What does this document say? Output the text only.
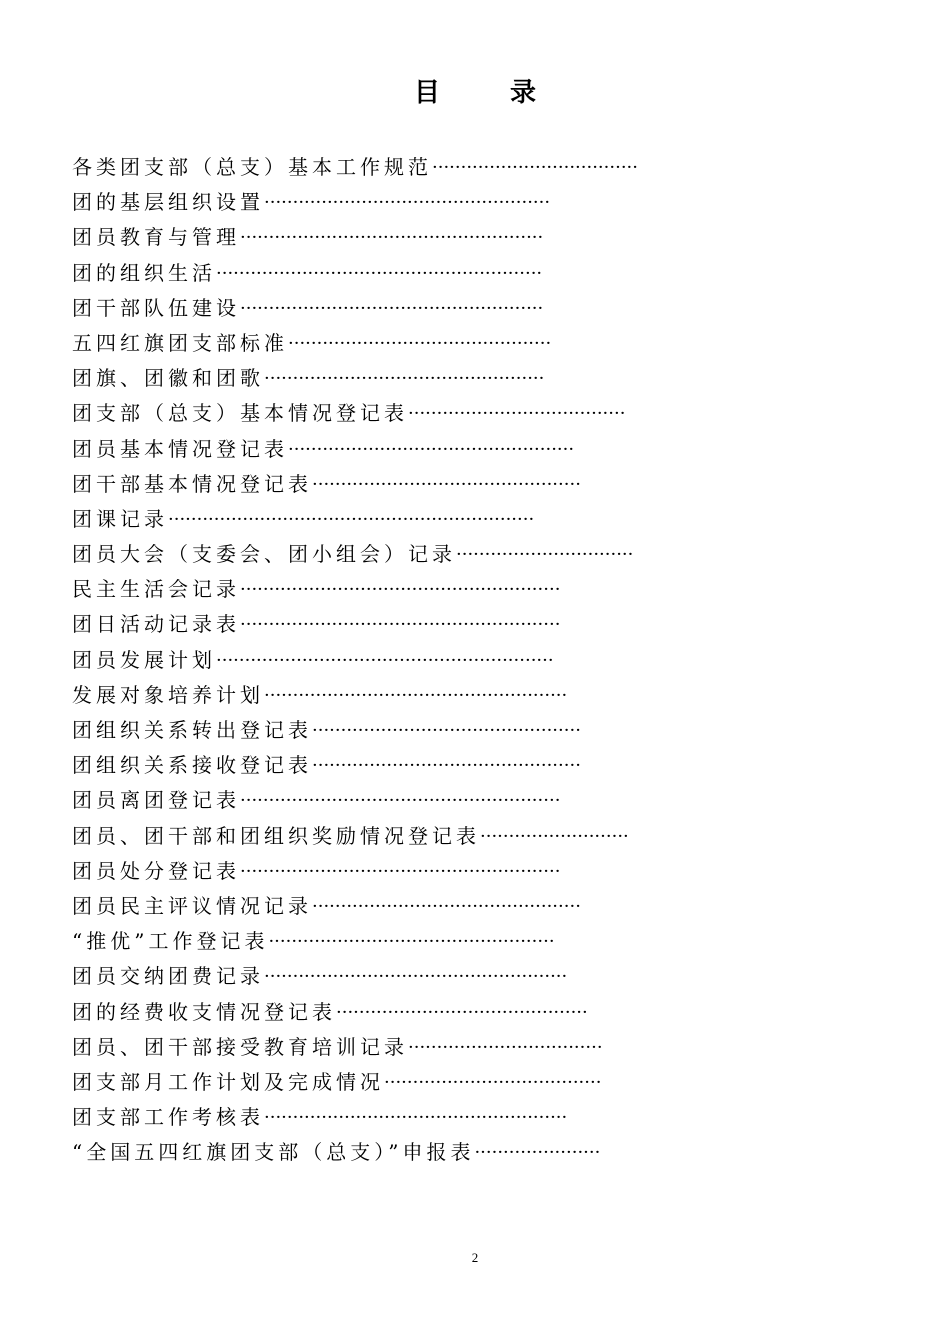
目　录
各类团支部（总支）基本工作规范 ····································
团的基层组织设置 ··················································
团员教育与管理 ·····················································
团的组织生活 ·························································
团干部队伍建设 ·····················································
五四红旗团支部标准 ··············································
团旗、团徽和团歌 ·················································
团支部（总支）基本情况登记表 ······································
团员基本情况登记表 ··················································
团干部基本情况登记表 ···············································
团课记录 ································································
团员大会（支委会、团小组会）记录 ·······························
民主生活会记录 ························································
团日活动记录表 ························································
团员发展计划 ···························································
发展对象培养计划 ·····················································
团组织关系转出登记表 ···············································
团组织关系接收登记表 ···············································
团员离团登记表 ························································
团员、团干部和团组织奖励情况登记表 ··························
团员处分登记表 ························································
团员民主评议情况记录 ···············································
“推优”工作登记表 ··················································
团员交纳团费记录 ·····················································
团的经费收支情况登记表 ············································
团员、团干部接受教育培训记录 ··································
团支部月工作计划及完成情况 ······································
团支部工作考核表 ·····················································
“全国五四红旗团支部（总支）”申报表 ······················
2
